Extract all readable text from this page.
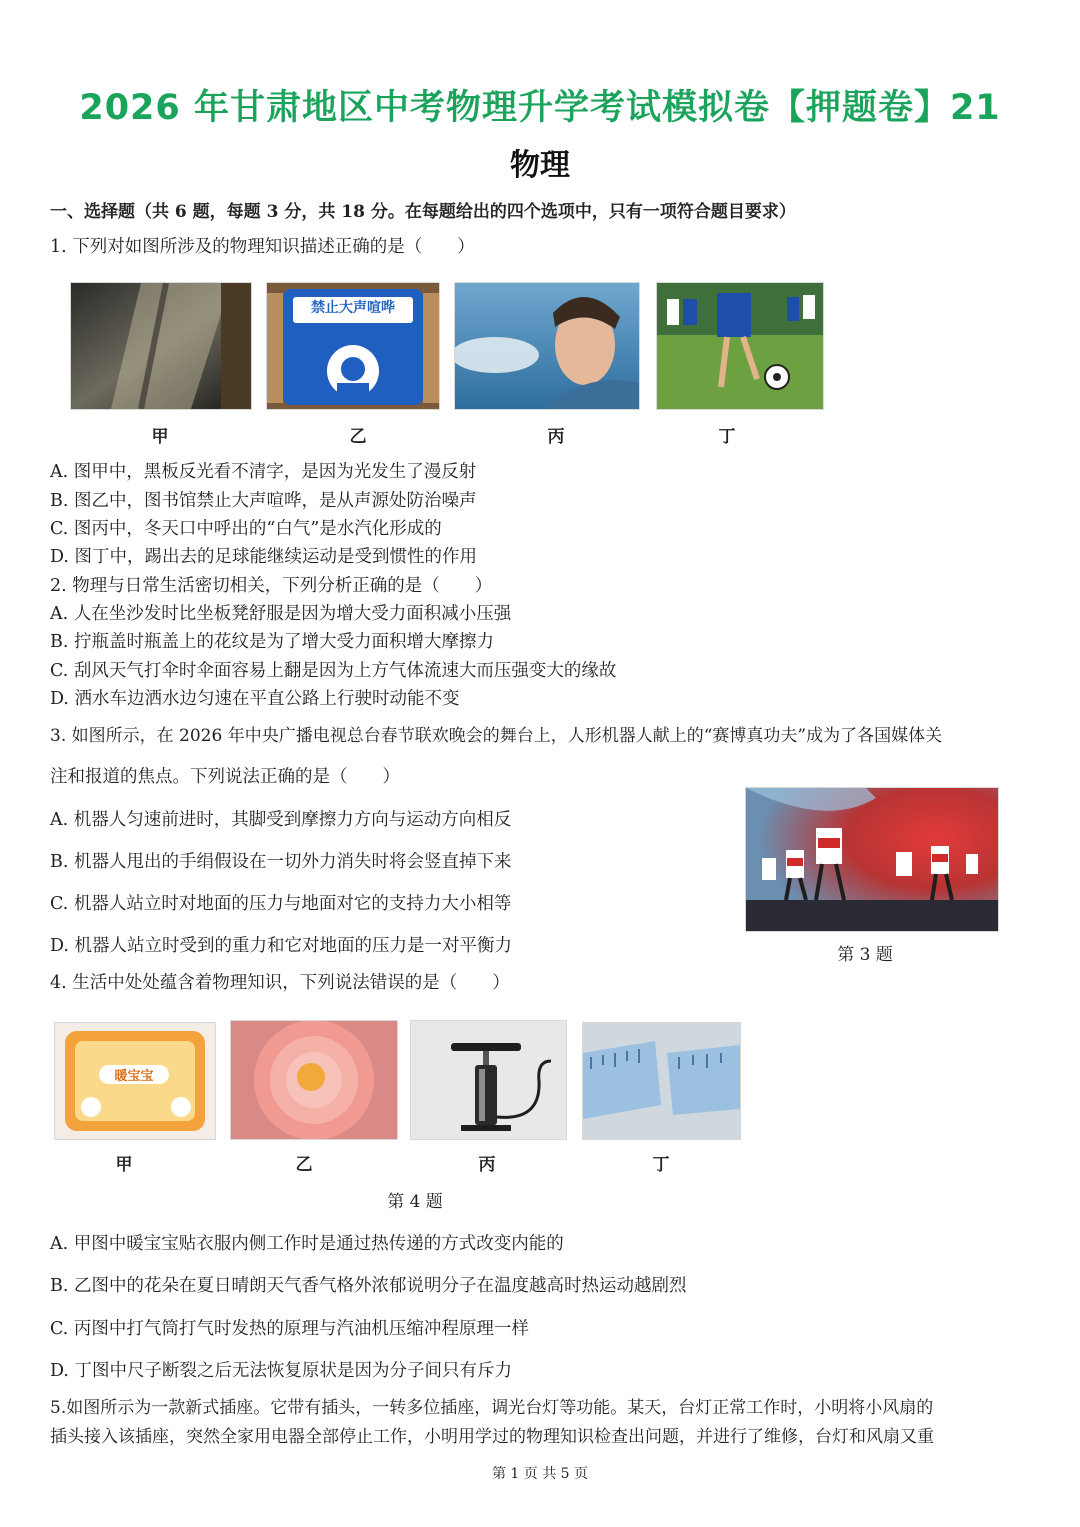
2026 年甘肃地区中考物理升学考试模拟卷【押题卷】21
物理
一、选择题（共 6 题，每题 3 分，共 18 分。在每题给出的四个选项中，只有一项符合题目要求）
1. 下列对如图所涉及的物理知识描述正确的是（　　）
禁止大声喧哗
甲	乙	丙	丁
A. 图甲中，黑板反光看不清字，是因为光发生了漫反射
B. 图乙中，图书馆禁止大声喧哗，是从声源处防治噪声
C. 图丙中，冬天口中呼出的“白气”是水汽化形成的
D. 图丁中，踢出去的足球能继续运动是受到惯性的作用
2. 物理与日常生活密切相关，下列分析正确的是（　　）
A. 人在坐沙发时比坐板凳舒服是因为增大受力面积减小压强
B. 拧瓶盖时瓶盖上的花纹是为了增大受力面积增大摩擦力
C. 刮风天气打伞时伞面容易上翻是因为上方气体流速大而压强变大的缘故
D. 洒水车边洒水边匀速在平直公路上行驶时动能不变
3. 如图所示，在 2026 年中央广播电视总台春节联欢晚会的舞台上，人形机器人献上的“赛博真功夫”成为了各国媒体关
注和报道的焦点。下列说法正确的是（　　）
A. 机器人匀速前进时，其脚受到摩擦力方向与运动方向相反
B. 机器人甩出的手绢假设在一切外力消失时将会竖直掉下来
C. 机器人站立时对地面的压力与地面对它的支持力大小相等
D. 机器人站立时受到的重力和它对地面的压力是一对平衡力	第 3 题
4. 生活中处处蕴含着物理知识，下列说法错误的是（　　）
暖宝宝
甲	乙	丙	丁
第 4 题
A. 甲图中暖宝宝贴衣服内侧工作时是通过热传递的方式改变内能的
B. 乙图中的花朵在夏日晴朗天气香气格外浓郁说明分子在温度越高时热运动越剧烈
C. 丙图中打气筒打气时发热的原理与汽油机压缩冲程原理一样
D. 丁图中尺子断裂之后无法恢复原状是因为分子间只有斥力
5.如图所示为一款新式插座。它带有插头，一转多位插座，调光台灯等功能。某天，台灯正常工作时，小明将小风扇的
插头接入该插座，突然全家用电器全部停止工作，小明用学过的物理知识检查出问题，并进行了维修，台灯和风扇又重
第 1 页 共 5 页
